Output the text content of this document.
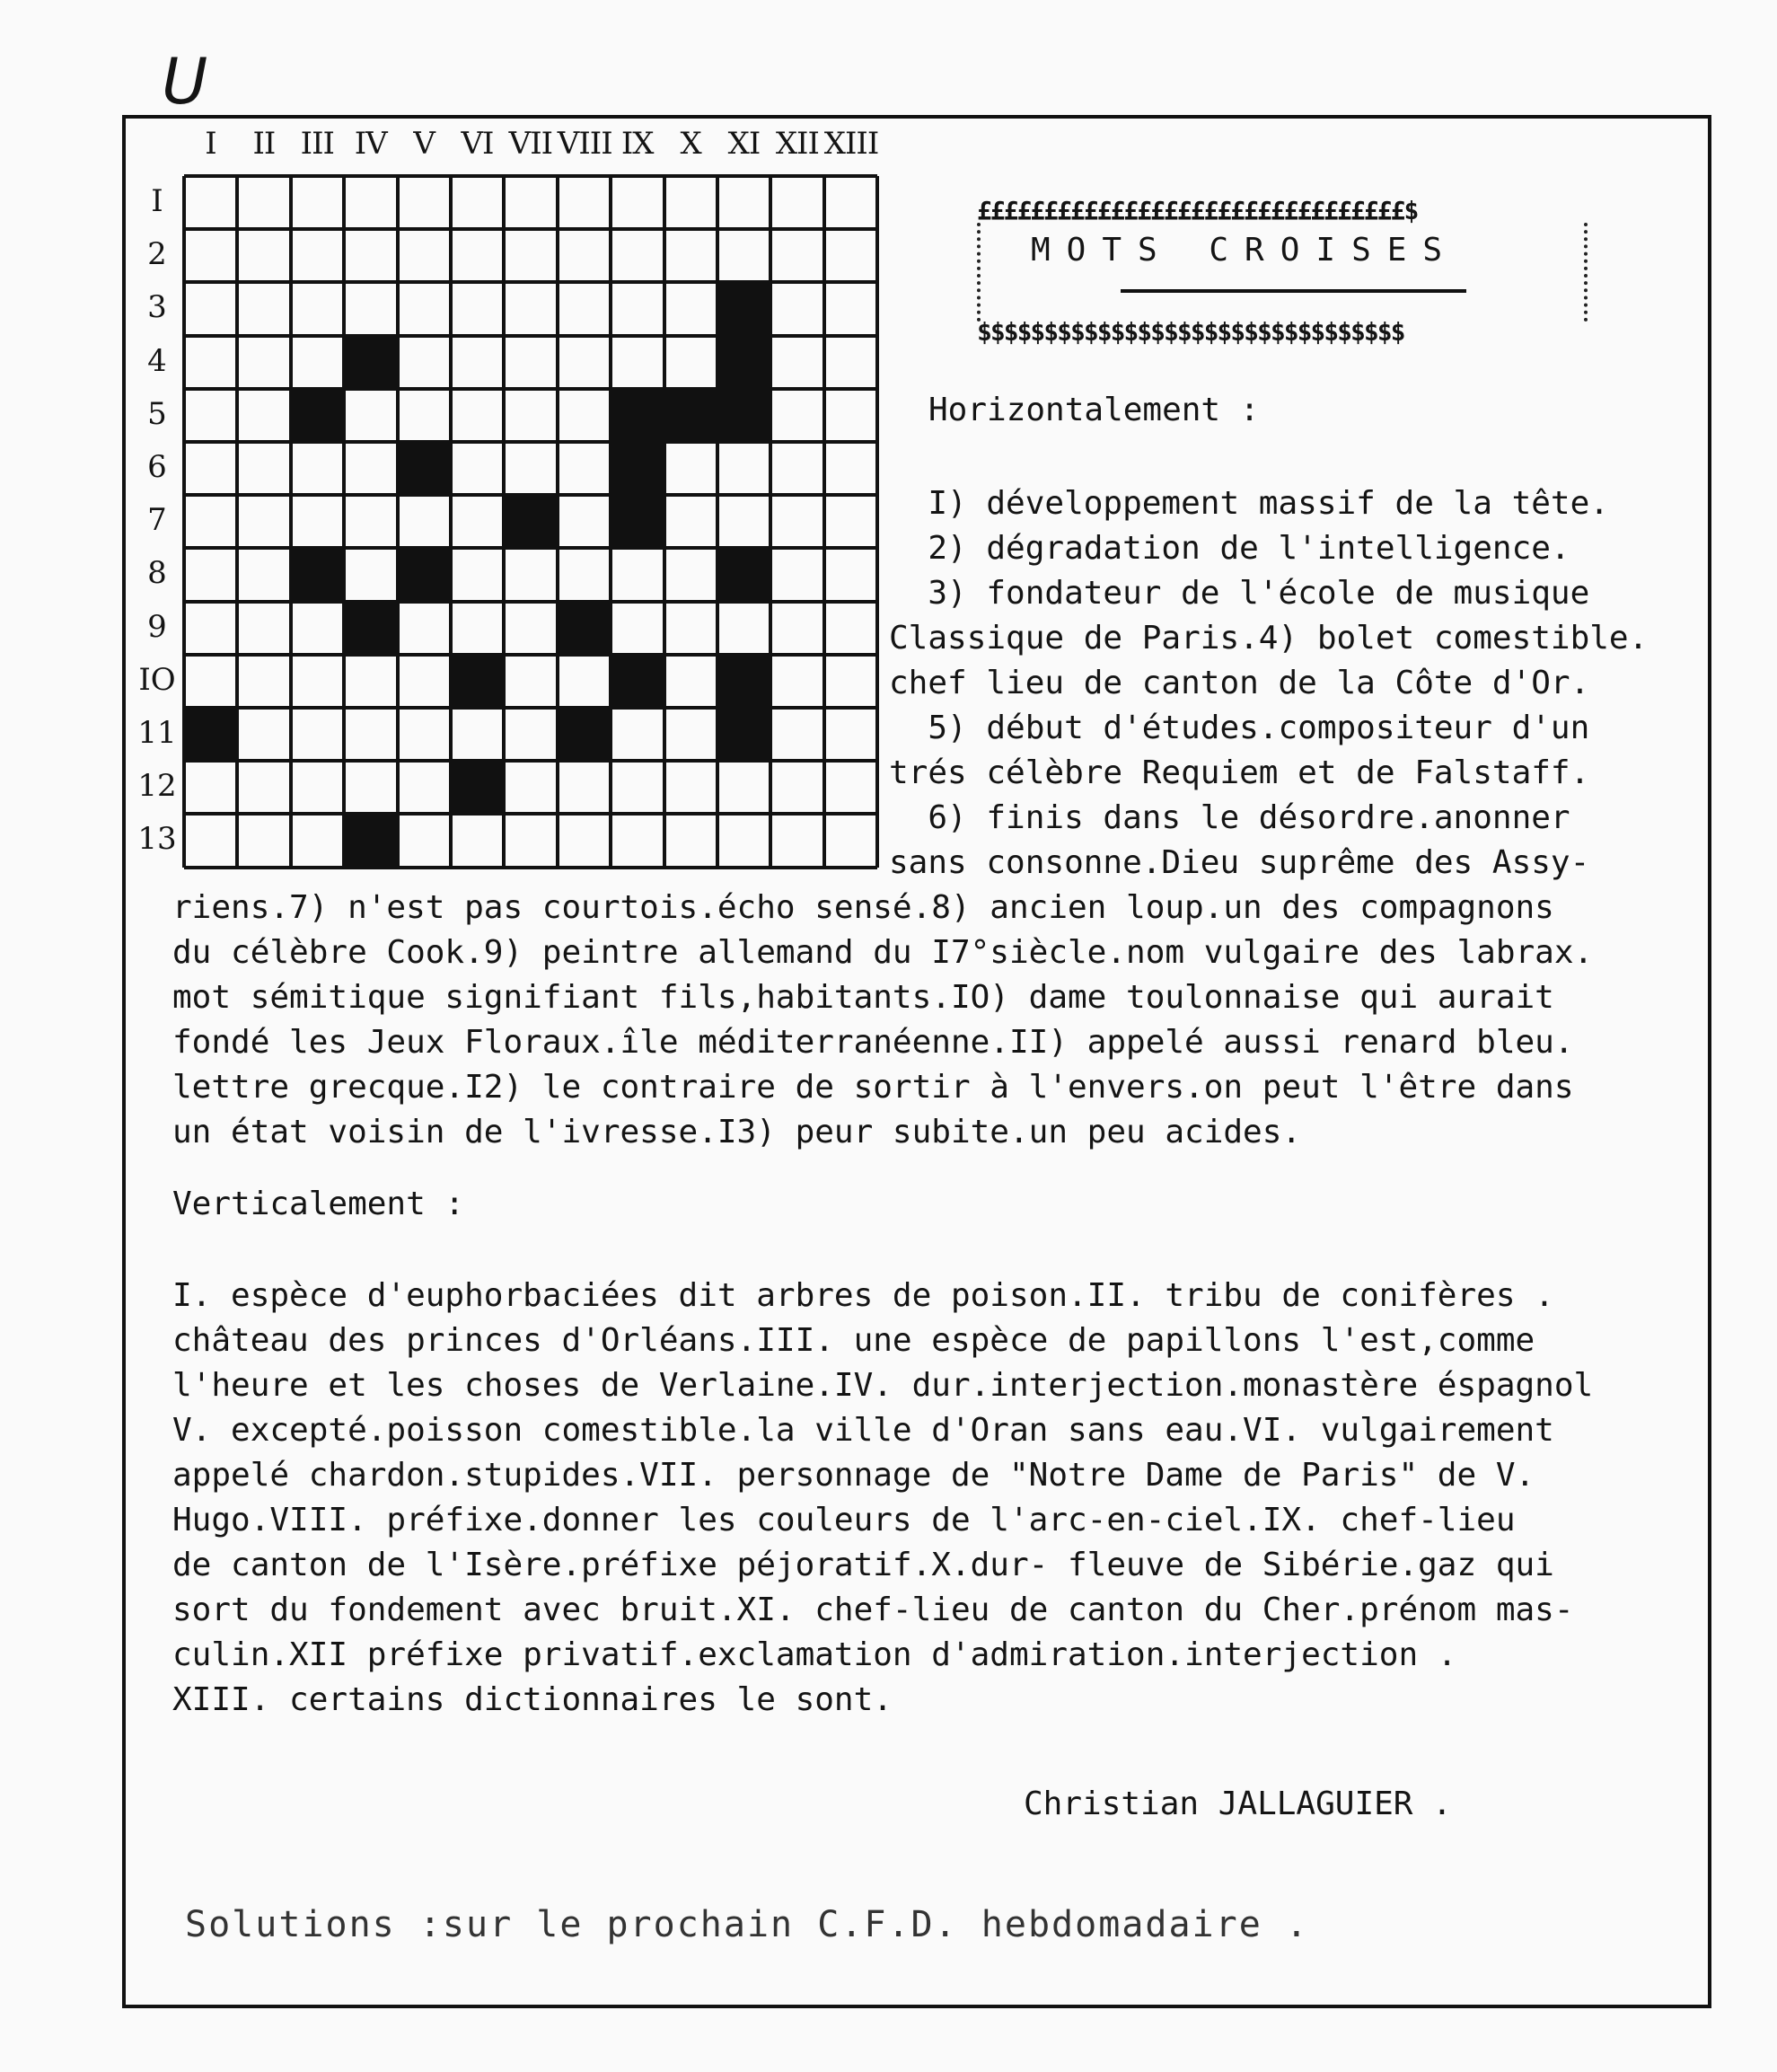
U
I	II III IV V VI VII VIII IX X XI XII XIII
I
2
3
4
5
6
7
8
9
IO
11
12
13
££££££££££££££££££££££££££££££££$
MOTS CROISES
$$$$$$$$$$$$$$$$$$$$$$$$$$$$$$$$
Horizontalement :
I) développement massif de la tête.
2) dégradation de l'intelligence.
3) fondateur de l'école de musique
Classique de Paris.4) bolet comestible.
chef lieu de canton de la Côte d'Or.
5) début d'études.compositeur d'un
trés célèbre Requiem et de Falstaff.
6) finis dans le désordre.anonner
sans consonne.Dieu suprême des Assy-
riens.7) n'est pas courtois.écho sensé.8) ancien loup.un des compagnons
du célèbre Cook.9) peintre allemand du I7°siècle.nom vulgaire des labrax.
mot sémitique signifiant fils,habitants.IO) dame toulonnaise qui aurait
fondé les Jeux Floraux.île méditerranéenne.II) appelé aussi renard bleu.
lettre grecque.I2) le contraire de sortir à l'envers.on peut l'être dans
un état voisin de l'ivresse.I3) peur subite.un peu acides.
Verticalement :
I. espèce d'euphorbaciées dit arbres de poison.II. tribu de conifères .
château des princes d'Orléans.III. une espèce de papillons l'est,comme
l'heure et les choses de Verlaine.IV. dur.interjection.monastère éspagnol
V. excepté.poisson comestible.la ville d'Oran sans eau.VI. vulgairement
appelé chardon.stupides.VII. personnage de "Notre Dame de Paris" de V.
Hugo.VIII. préfixe.donner les couleurs de l'arc-en-ciel.IX. chef-lieu
de canton de l'Isère.préfixe péjoratif.X.dur- fleuve de Sibérie.gaz qui
sort du fondement avec bruit.XI. chef-lieu de canton du Cher.prénom mas-
culin.XII préfixe privatif.exclamation d'admiration.interjection .
XIII. certains dictionnaires le sont.
Christian JALLAGUIER .
Solutions :sur le prochain C.F.D. hebdomadaire .
